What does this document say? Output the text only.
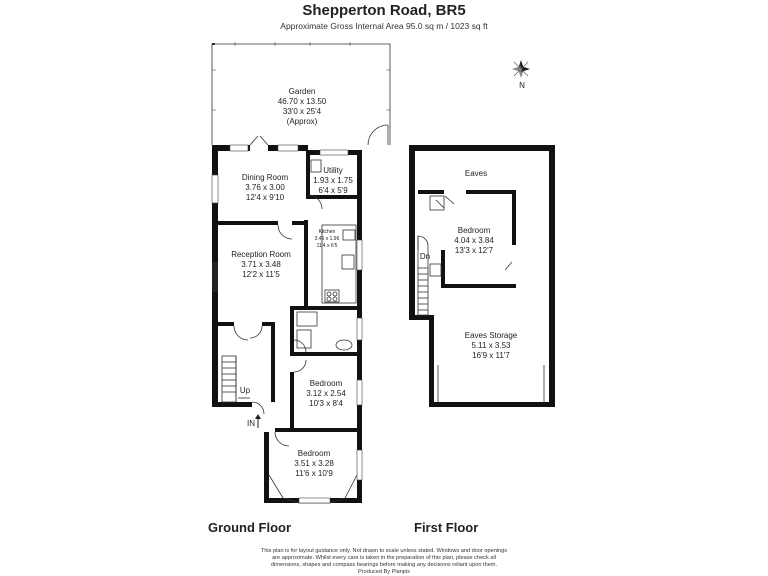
Shepperton Road, BR5
Approximate Gross Internal Area 95.0 sq m / 1023 sq ft
N
Garden
46.70 x 13.50
33'0 x 25'4
(Approx)
Dining Room
3.76 x 3.00
12'4 x 9'10
Utility
1.93 x 1.75
6'4 x 5'9
Kitchen
3.45 x 1.96
11'4 x 6'5
Reception Room
3.71 x 3.48
12'2 x 11'5
Bedroom
3.12 x 2.54
10'3 x 8'4
Bedroom
3.51 x 3.28
11'6 x 10'9
Up
IN
Ground Floor
Eaves
Bedroom
4.04 x 3.84
13'3 x 12'7
Dn
Eaves Storage
5.11 x 3.53
16'9 x 11'7
First Floor
This plan is for layout guidance only. Not drawn to scale unless stated. Windows and door openings
are approximate. Whilst every care is taken in the preparation of this plan, please check all
dimensions, shapes and compass bearings before making any decisions reliant upon them.
Produced By Planpix
